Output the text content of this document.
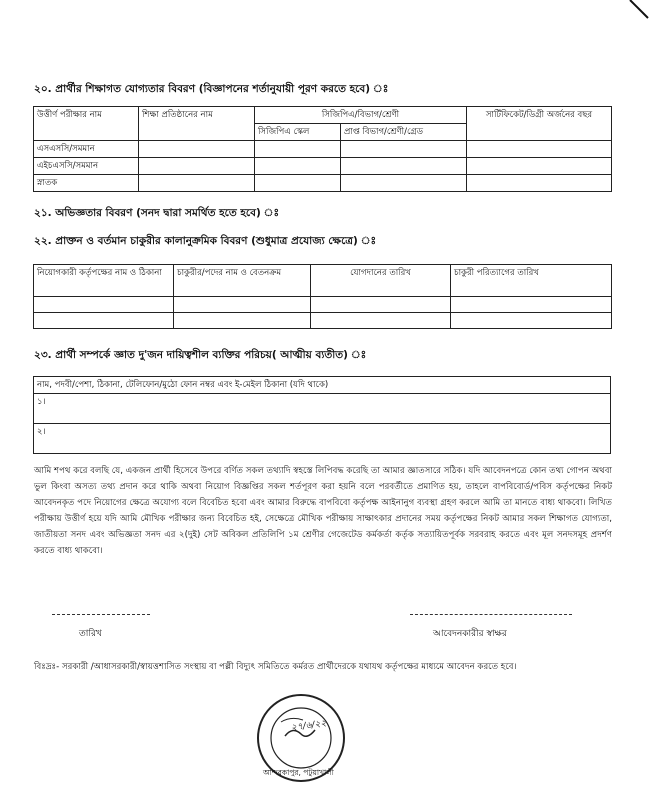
২০. প্রার্থীর শিক্ষাগত যোগ্যতার বিবরণ (বিজ্ঞাপনের শর্তানুযায়ী পূরণ করতে হবে) ঃ
উত্তীর্ণ পরীক্ষার নাম	শিক্ষা প্রতিষ্ঠানের নাম	সিজিপিএ/বিভাগ/শ্রেণী		সার্টিফিকেট/ডিগ্রী অর্জনের বছর
		সিজিপিএ স্কেল	প্রাপ্ত বিভাগ/শ্রেণী/গ্রেড	
এসএসসি/সমমান				
এইচএসসি/সমমান				
স্নাতক				
২১. অভিজ্ঞতার বিবরণ (সনদ দ্বারা সমর্থিত হতে হবে) ঃ
২২. প্রাক্তন ও বর্তমান চাকুরীর কালানুক্রমিক বিবরণ (শুধুমাত্র প্রযোজ্য ক্ষেত্রে) ঃ
নিয়োগকারী কর্তৃপক্ষের নাম ও ঠিকানা	চাকুরীর/পদের নাম ও বেতনক্রম	যোগদানের তারিখ	চাকুরী পরিত্যাগের তারিখ

২৩. প্রার্থী সম্পর্কে জ্ঞাত দু'জন দায়িত্বশীল ব্যক্তির পরিচয়( আত্মীয় ব্যতীত) ঃ
নাম, পদবী/পেশা, ঠিকানা, টেলিফোন/মুঠো ফোন নম্বর এবং ই-মেইল ঠিকানা (যদি থাকে)
১।
২।
আমি শপথ করে বলছি যে, একজন প্রার্থী হিসেবে উপরে বর্ণিত সকল তথ্যাদি স্বহস্তে লিপিবদ্ধ করেছি তা আমার জ্ঞাতসারে সঠিক। যদি আবেদনপত্রে কোন তথ্য গোপন অথবা ভুল কিংবা অসত্য তথ্য প্রদান করে থাকি অথবা নিয়োগ বিজ্ঞপ্তির সকল শর্তপূরণ করা হয়নি বলে পরবর্তীতে প্রমাণিত হয়, তাহলে বাপবিবোর্ড/পবিস কর্তৃপক্ষের নিকট আবেদনকৃত পদে নিয়োগের ক্ষেত্রে অযোগ্য বলে বিবেচিত হবো এবং আমার বিরুদ্ধে বাপবিবো কর্তৃপক্ষ আইনানুগ ব্যবস্থা গ্রহণ করলে আমি তা মানতে বাধ্য থাকবো। লিখিত পরীক্ষায় উত্তীর্ণ হয়ে যদি আমি মৌখিক পরীক্ষার জন্য বিবেচিত হই, সেক্ষেত্রে মৌখিক পরীক্ষায় সাক্ষাৎকার প্রদানের সময় কর্তৃপক্ষের নিকট আমার সকল শিক্ষাগত যোগ্যতা, জাতীয়তা সনদ এবং অভিজ্ঞতা সনদ এর ২(দুই) সেট অবিকল প্রতিলিপি ১ম শ্রেণীর গেজেটেড কর্মকর্তা কর্তৃক সত্যায়িতপূর্বক সরবরাহ করতে এবং মূল সনদসমূহ প্রদর্শণ করতে বাধ্য থাকবো।
তারিখ	আবেদনকারীর স্বাক্ষর
বিঃদ্রঃ- সরকারী /আধাসরকারী/স্বায়ত্তশাসিত সংস্থায় বা পল্লী বিদ্যুৎ সমিতিতে কর্মরত প্রার্থীদেরকে যথাযথ কর্তৃপক্ষের মাধ্যমে আবেদন করতে হবে।
২৭/৬/২২
আন্দরকাপুর, পটুয়াখালী
